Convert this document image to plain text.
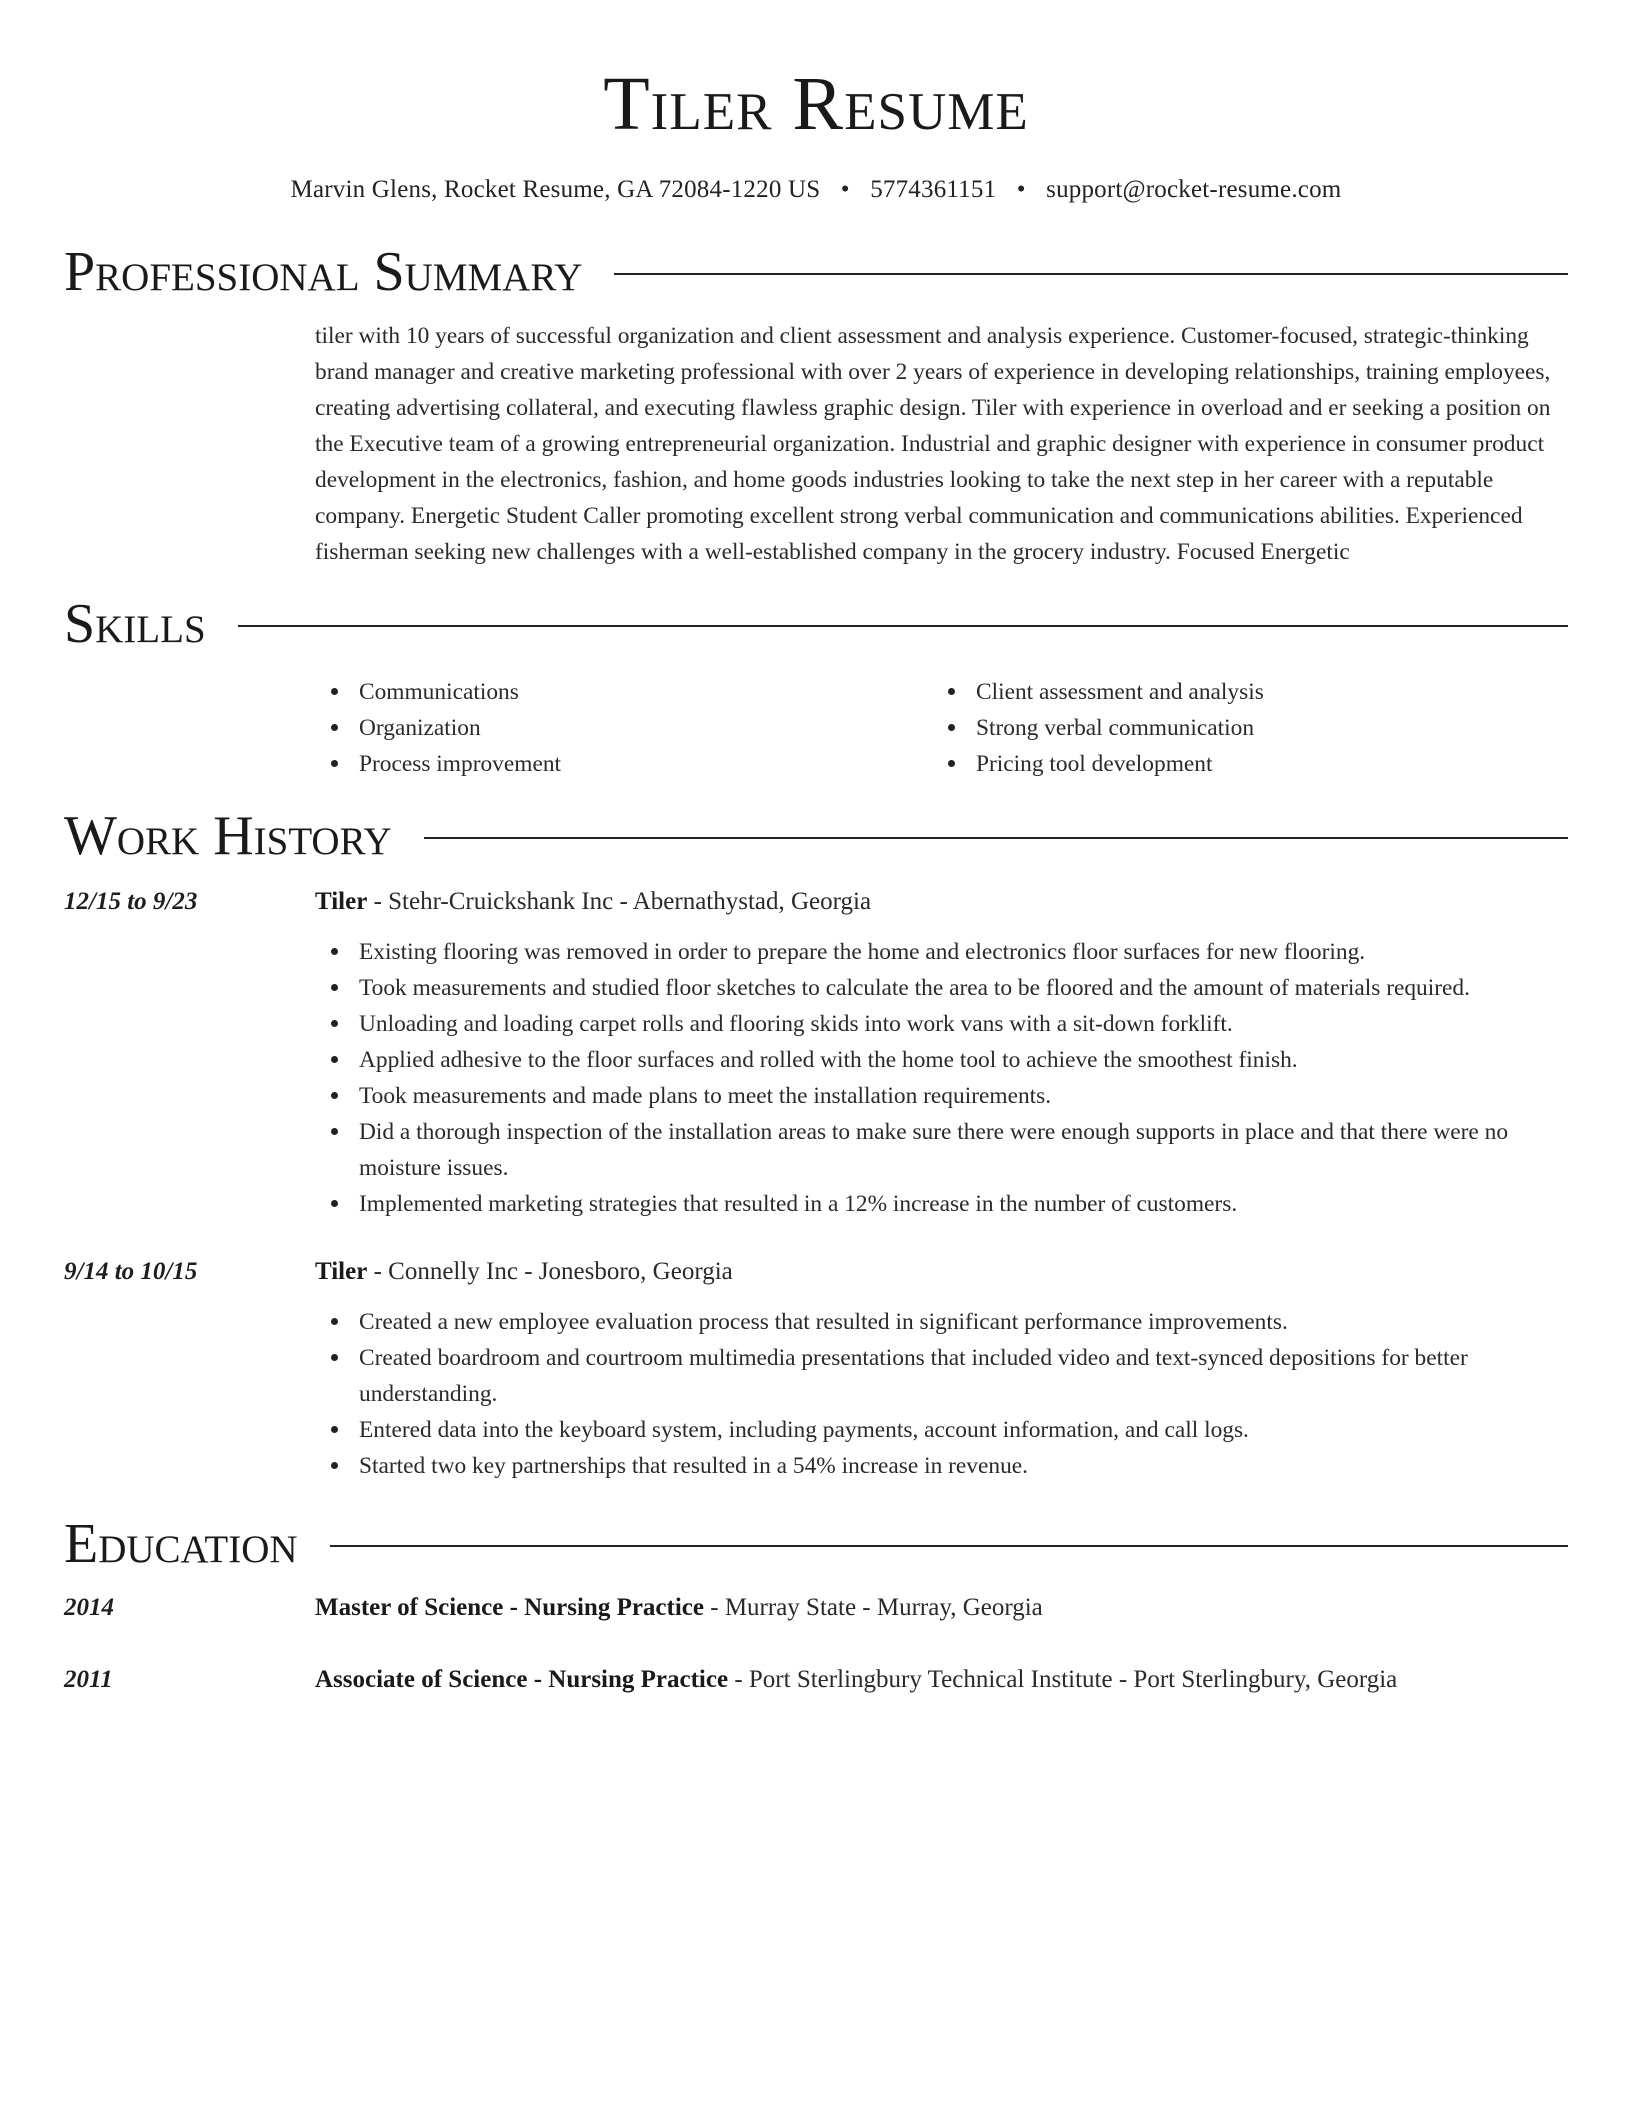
Tiler Resume
Marvin Glens, Rocket Resume, GA 72084-1220 US • 5774361151 • support@rocket-resume.com
Professional Summary
tiler with 10 years of successful organization and client assessment and analysis experience. Customer-focused, strategic-thinking brand manager and creative marketing professional with over 2 years of experience in developing relationships, training employees, creating advertising collateral, and executing flawless graphic design. Tiler with experience in overload and er seeking a position on the Executive team of a growing entrepreneurial organization. Industrial and graphic designer with experience in consumer product development in the electronics, fashion, and home goods industries looking to take the next step in her career with a reputable company. Energetic Student Caller promoting excellent strong verbal communication and communications abilities. Experienced fisherman seeking new challenges with a well-established company in the grocery industry. Focused Energetic
Skills
Communications
Organization
Process improvement
Client assessment and analysis
Strong verbal communication
Pricing tool development
Work History
12/15 to 9/23	Tiler - Stehr-Cruickshank Inc - Abernathystad, Georgia
Existing flooring was removed in order to prepare the home and electronics floor surfaces for new flooring.
Took measurements and studied floor sketches to calculate the area to be floored and the amount of materials required.
Unloading and loading carpet rolls and flooring skids into work vans with a sit-down forklift.
Applied adhesive to the floor surfaces and rolled with the home tool to achieve the smoothest finish.
Took measurements and made plans to meet the installation requirements.
Did a thorough inspection of the installation areas to make sure there were enough supports in place and that there were no moisture issues.
Implemented marketing strategies that resulted in a 12% increase in the number of customers.
9/14 to 10/15	Tiler - Connelly Inc - Jonesboro, Georgia
Created a new employee evaluation process that resulted in significant performance improvements.
Created boardroom and courtroom multimedia presentations that included video and text-synced depositions for better understanding.
Entered data into the keyboard system, including payments, account information, and call logs.
Started two key partnerships that resulted in a 54% increase in revenue.
Education
2014	Master of Science - Nursing Practice - Murray State - Murray, Georgia
2011	Associate of Science - Nursing Practice - Port Sterlingbury Technical Institute - Port Sterlingbury, Georgia
